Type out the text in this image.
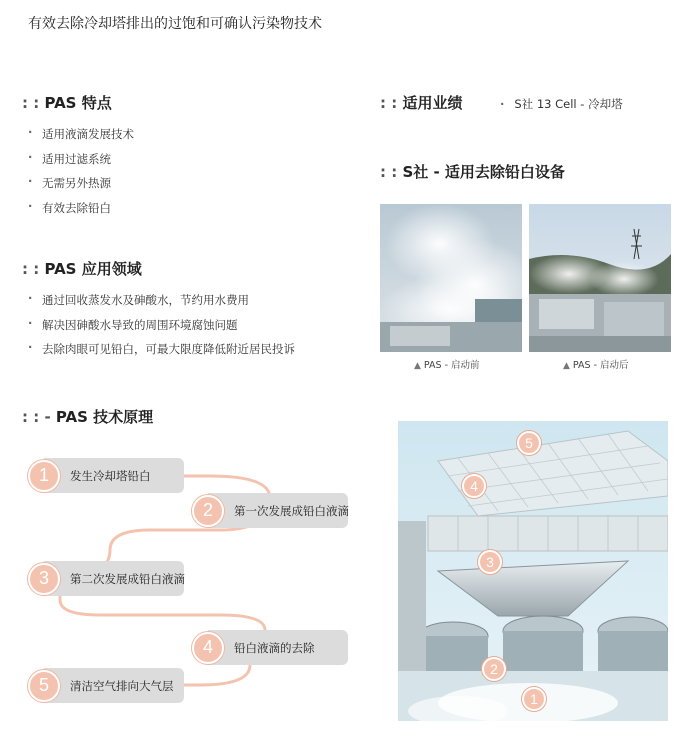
有效去除冷却塔排出的过饱和可确认污染物技术
: : PAS 特点
· 适用液滴发展技术
· 适用过滤系统
· 无需另外热源
· 有效去除铅白
: : PAS 应用领域
· 通过回收蒸发水及砷酸水，节约用水费用
· 解决因砷酸水导致的周围环境腐蚀问题
· 去除肉眼可见铅白，可最大限度降低附近居民投诉
: : - PAS 技术原理
1	发生冷却塔铅白
2	第一次发展成铅白液滴
3	第二次发展成铅白液滴
4	铅白液滴的去除
5	清洁空气排向大气层
: : 适用业绩	· S社 13 Cell - 冷却塔
: : S社 - 适用去除铅白设备
▲ PAS - 启动前	▲ PAS - 启动后
5
4
3
2
1
